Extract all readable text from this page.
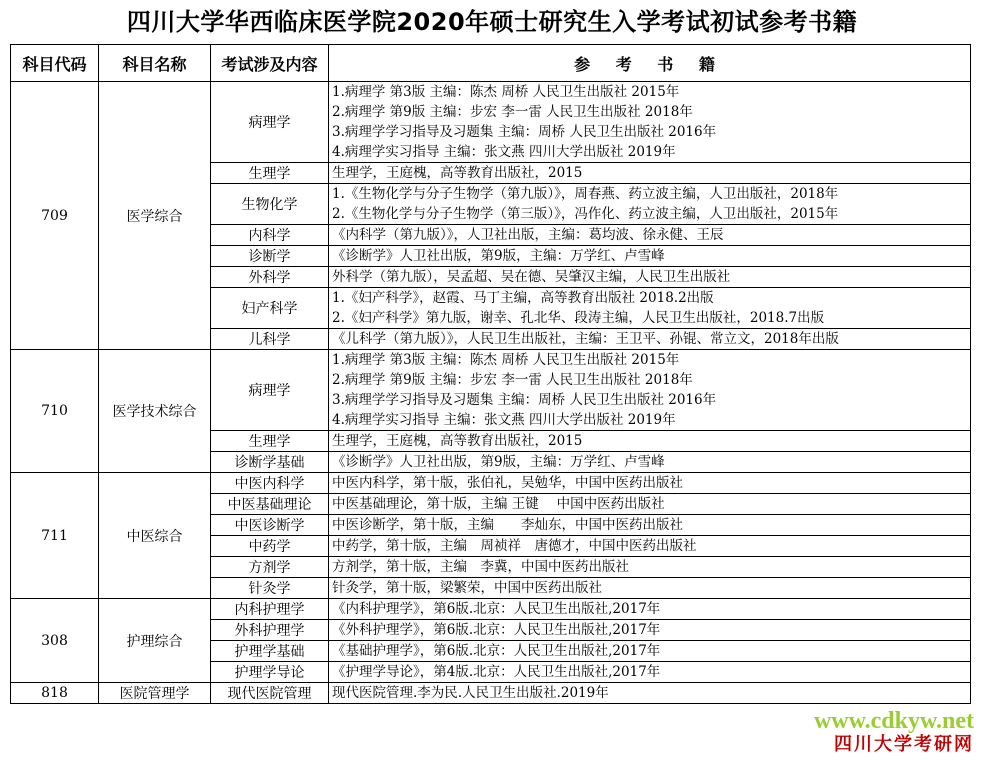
四川大学华西临床医学院2020年硕士研究生入学考试初试参考书籍
科目代码	科目名称	考试涉及内容	参 考 书 籍
709	医学综合	病理学	1.病理学 第3版 主编：陈杰 周桥 人民卫生出版社 2015年
2.病理学 第9版 主编：步宏 李一雷 人民卫生出版社 2018年
3.病理学学习指导及习题集 主编：周桥 人民卫生出版社 2016年
4.病理学实习指导 主编：张文燕 四川大学出版社 2019年

		生理学	生理学，王庭槐，高等教育出版社，2015

		生物化学	1.《生物化学与分子生物学（第九版）》，周春燕、药立波主编，人卫出版社，2018年
2.《生物化学与分子生物学（第三版）》，冯作化、药立波主编，人卫出版社，2015年

		内科学	《内科学（第九版）》，人卫社出版，主编：葛均波、徐永健、王辰

		诊断学	《诊断学》人卫社出版，第9版，主编：万学红、卢雪峰

		外科学	外科学（第九版），吴孟超、吴在德、吴肇汉主编，人民卫生出版社

		妇产科学	1.《妇产科学》，赵霞、马丁主编，高等教育出版社 2018.2出版
2.《妇产科学》第九版，谢幸、孔北华、段涛主编，人民卫生出版社，2018.7出版

		儿科学	《儿科学（第九版）》，人民卫生出版社，主编：王卫平、孙锟、常立文，2018年出版

710	医学技术综合	病理学	1.病理学 第3版 主编：陈杰 周桥 人民卫生出版社 2015年
2.病理学 第9版 主编：步宏 李一雷 人民卫生出版社 2018年
3.病理学学习指导及习题集 主编：周桥 人民卫生出版社 2016年
4.病理学实习指导 主编：张文燕 四川大学出版社 2019年

		生理学	生理学，王庭槐，高等教育出版社，2015

		诊断学基础	《诊断学》人卫社出版，第9版，主编：万学红、卢雪峰

711	中医综合	中医内科学	中医内科学，第十版，张伯礼，吴勉华，中国中医药出版社

		中医基础理论	中医基础理论，第十版，主编 王键　 中国中医药出版社

		中医诊断学	中医诊断学，第十版，主编　　李灿东，中国中医药出版社

		中药学	中药学，第十版，主编　周祯祥　唐德才，中国中医药出版社

		方剂学	方剂学，第十版，主编　李冀，中国中医药出版社

		针灸学	针灸学，第十版，梁繁荣，中国中医药出版社

308	护理综合	内科护理学	《内科护理学》，第6版.北京：人民卫生出版社,2017年

		外科护理学	《外科护理学》，第6版.北京：人民卫生出版社,2017年

		护理学基础	《基础护理学》，第6版.北京：人民卫生出版社,2017年

		护理学导论	《护理学导论》，第4版.北京：人民卫生出版社,2017年

818	医院管理学	现代医院管理	现代医院管理.李为民.人民卫生出版社.2019年
www.cdkyw.net
四川大学考研网
